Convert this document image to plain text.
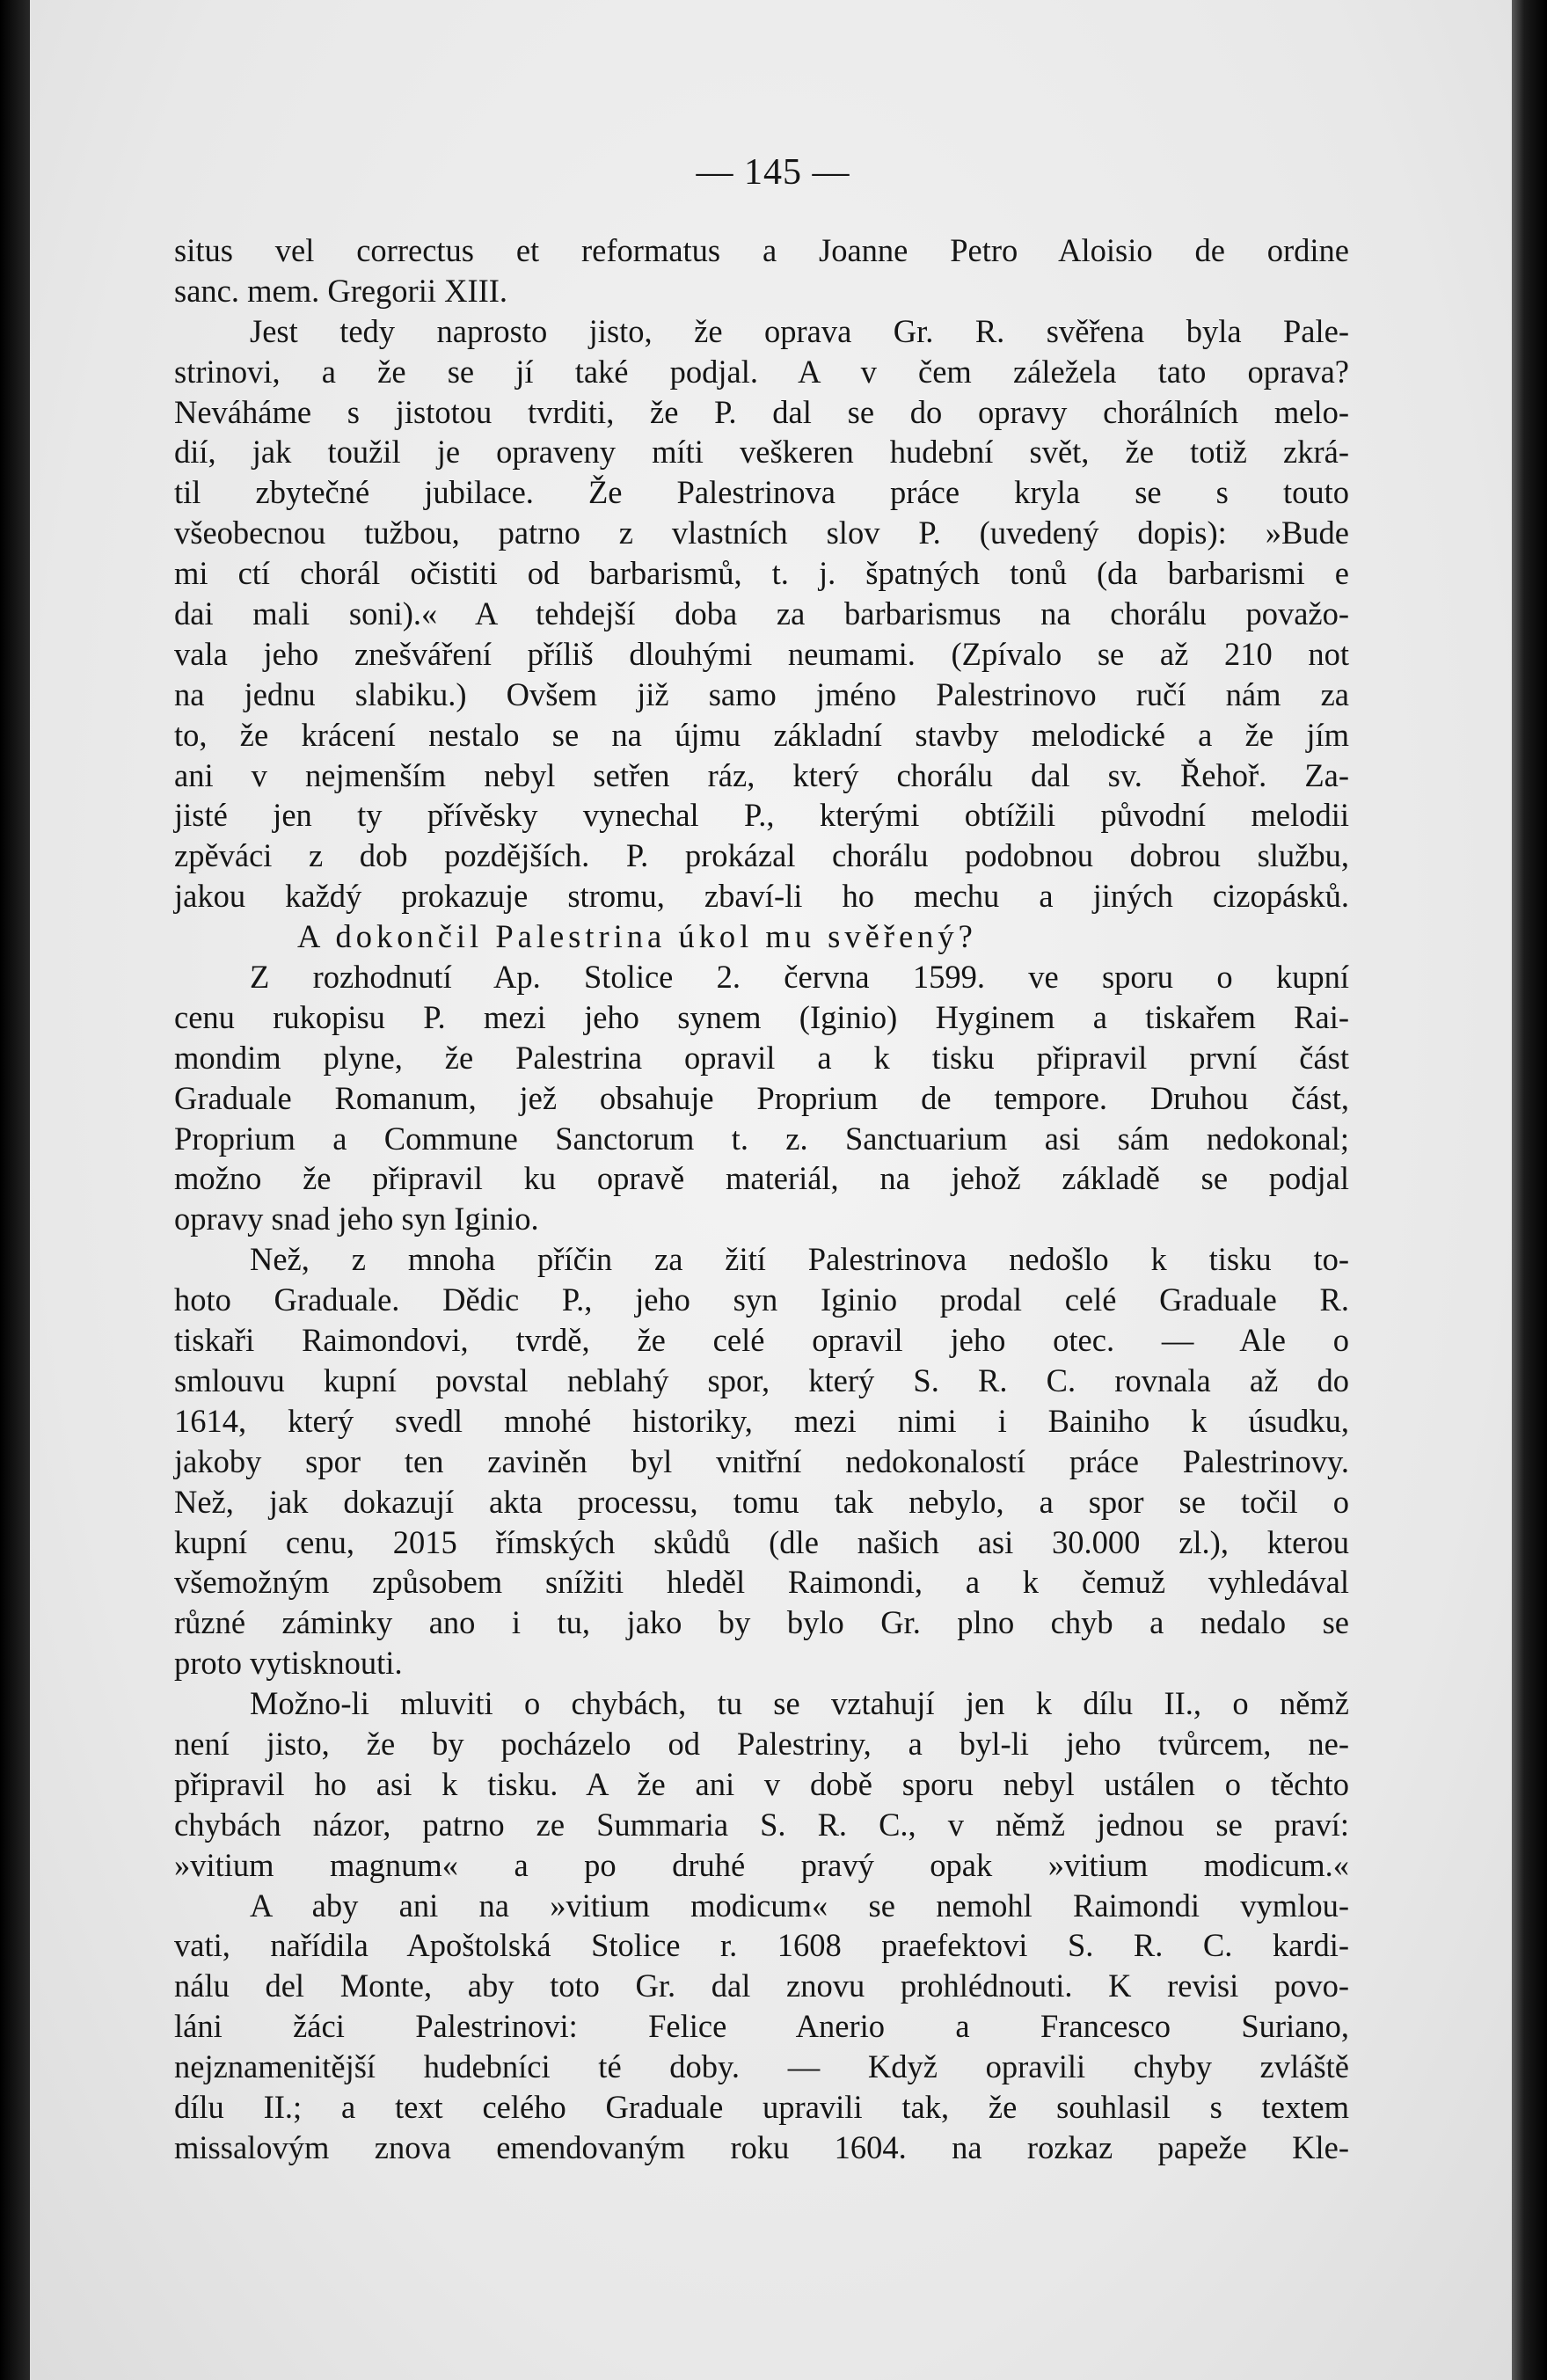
— 145 —
situs vel correctus et reformatus a Joanne Petro Aloisio de ordine
sanc. mem. Gregorii XIII.
Jest tedy naprosto jisto, že oprava Gr. R. svěřena byla Pale-
strinovi, a že se jí také podjal. A v čem záležela tato oprava?
Neváháme s jistotou tvrditi, že P. dal se do opravy chorálních melo-
dií, jak toužil je opraveny míti veškeren hudební svět, že totiž zkrá-
til zbytečné jubilace. Že Palestrinova práce kryla se s touto
všeobecnou tužbou, patrno z vlastních slov P. (uvedený dopis): »Bude
mi ctí chorál očistiti od barbarismů, t. j. špatných tonů (da barbarismi e
dai mali soni).« A tehdejší doba za barbarismus na chorálu považo-
vala jeho znešváření příliš dlouhými neumami. (Zpívalo se až 210 not
na jednu slabiku.) Ovšem již samo jméno Palestrinovo ručí nám za
to, že krácení nestalo se na újmu základní stavby melodické a že jím
ani v nejmenším nebyl setřen ráz, který chorálu dal sv. Řehoř. Za-
jisté jen ty přívěsky vynechal P., kterými obtížili původní melodii
zpěváci z dob pozdějších. P. prokázal chorálu podobnou dobrou službu,
jakou každý prokazuje stromu, zbaví-li ho mechu a jiných cizopásků.
A dokončil Palestrina úkol mu svěřený?
Z rozhodnutí Ap. Stolice 2. června 1599. ve sporu o kupní
cenu rukopisu P. mezi jeho synem (Iginio) Hyginem a tiskařem Rai-
mondim plyne, že Palestrina opravil a k tisku připravil první část
Graduale Romanum, jež obsahuje Proprium de tempore. Druhou část,
Proprium a Commune Sanctorum t. z. Sanctuarium asi sám nedokonal;
možno že připravil ku opravě materiál, na jehož základě se podjal
opravy snad jeho syn Iginio.
Než, z mnoha příčin za žití Palestrinova nedošlo k tisku to-
hoto Graduale. Dědic P., jeho syn Iginio prodal celé Graduale R.
tiskaři Raimondovi, tvrdě, že celé opravil jeho otec. — Ale o
smlouvu kupní povstal neblahý spor, který S. R. C. rovnala až do
1614, který svedl mnohé historiky, mezi nimi i Bainiho k úsudku,
jakoby spor ten zaviněn byl vnitřní nedokonalostí práce Palestrinovy.
Než, jak dokazují akta processu, tomu tak nebylo, a spor se točil o
kupní cenu, 2015 římských skůdů (dle našich asi 30.000 zl.), kterou
všemožným způsobem snížiti hleděl Raimondi, a k čemuž vyhledával
různé záminky ano i tu, jako by bylo Gr. plno chyb a nedalo se
proto vytisknouti.
Možno-li mluviti o chybách, tu se vztahují jen k dílu II., o němž
není jisto, že by pocházelo od Palestriny, a byl-li jeho tvůrcem, ne-
připravil ho asi k tisku. A že ani v době sporu nebyl ustálen o těchto
chybách názor, patrno ze Summaria S. R. C., v němž jednou se praví:
»vitium magnum« a po druhé pravý opak »vitium modicum.«
A aby ani na »vitium modicum« se nemohl Raimondi vymlou-
vati, nařídila Apoštolská Stolice r. 1608 praefektovi S. R. C. kardi-
nálu del Monte, aby toto Gr. dal znovu prohlédnouti. K revisi povo-
láni žáci Palestrinovi: Felice Anerio a Francesco Suriano,
nejznamenitější hudebníci té doby. — Když opravili chyby zvláště
dílu II.; a text celého Graduale upravili tak, že souhlasil s textem
missalovým znova emendovaným roku 1604. na rozkaz papeže Kle-
